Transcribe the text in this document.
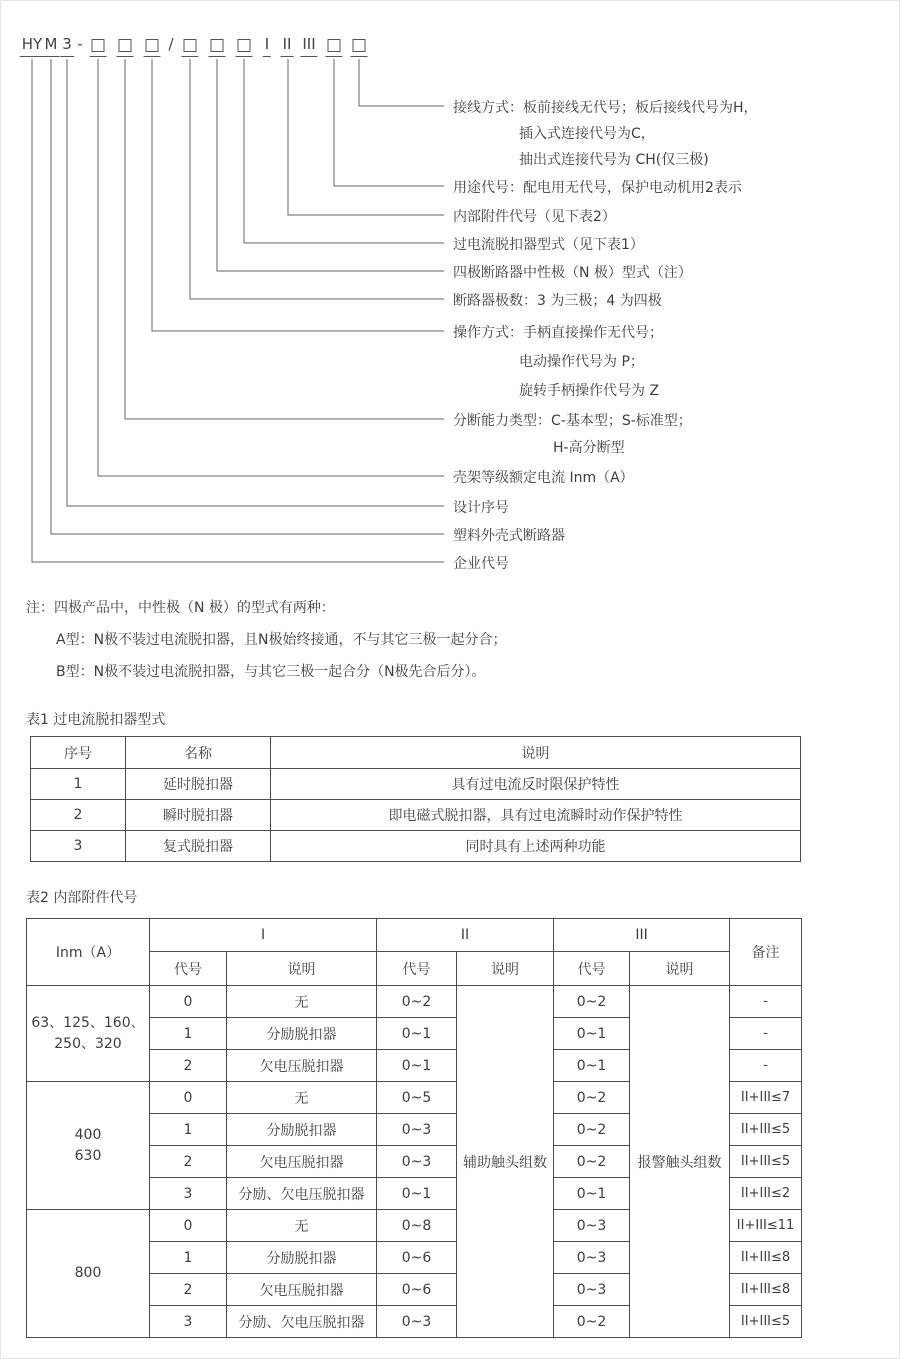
HY M 3 -	/	I II III
接线方式：板前接线无代号；板后接线代号为H，
插入式连接代号为C，
抽出式连接代号为 CH(仅三极)
用途代号：配电用无代号，保护电动机用2表示
内部附件代号（见下表2）
过电流脱扣器型式（见下表1）
四极断路器中性极（N 极）型式（注）
断路器极数：3 为三极；4 为四极
操作方式：手柄直接操作无代号；
电动操作代号为 P；
旋转手柄操作代号为 Z
分断能力类型：C-基本型；S-标准型；
H-高分断型
壳架等级额定电流 Inm（A）
设计序号
塑料外壳式断路器
企业代号
注：四极产品中，中性极（N 极）的型式有两种：
A型：N极不装过电流脱扣器，且N极始终接通，不与其它三极一起分合；
B型：N极不装过电流脱扣器，与其它三极一起合分（N极先合后分）。
表1 过电流脱扣器型式
序号	名称	说明
1	延时脱扣器	具有过电流反时限保护特性
2	瞬时脱扣器	即电磁式脱扣器，具有过电流瞬时动作保护特性
3	复式脱扣器	同时具有上述两种功能
表2 内部附件代号
Inm（A）	I		II		III		备注
	代号	说明	代号	说明	代号	说明	

63、125、160、
250、320	0	无	0~2	辅助触头组数	0~2	报警触头组数	-
	1	分励脱扣器	0~1		0~1		-
	2	欠电压脱扣器	0~1		0~1		-

400
630	0	无	0~5		0~2		II+III≤7
	1	分励脱扣器	0~3		0~2		II+III≤5
	2	欠电压脱扣器	0~3		0~2		II+III≤5
	3	分励、欠电压脱扣器	0~1		0~1		II+III≤2

800	0	无	0~8		0~3		II+III≤11
	1	分励脱扣器	0~6		0~3		II+III≤8
	2	欠电压脱扣器	0~6		0~3		II+III≤8
	3	分励、欠电压脱扣器	0~3		0~2		II+III≤5
